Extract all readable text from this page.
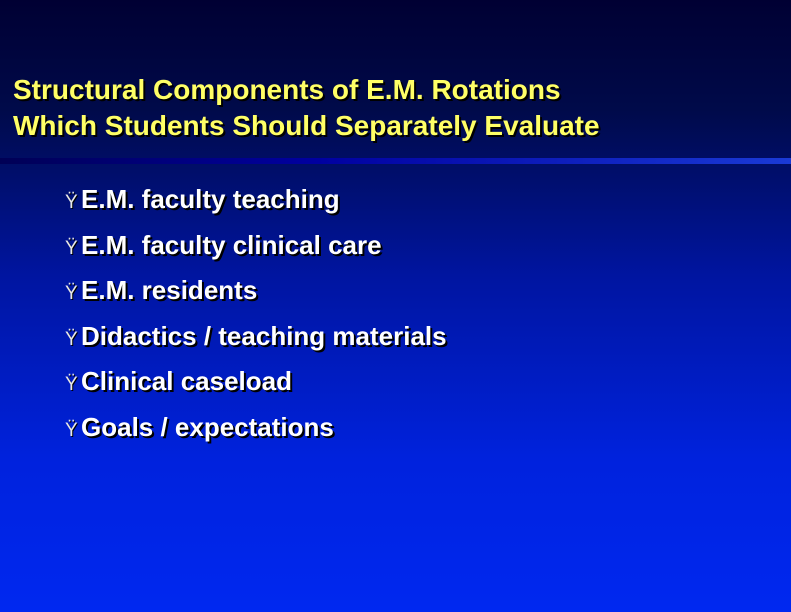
Structural Components of E.M. Rotations
Which Students Should Separately Evaluate
Ÿ E.M. faculty teaching
Ÿ E.M. faculty clinical care
Ÿ E.M. residents
Ÿ Didactics / teaching materials
Ÿ Clinical caseload
Ÿ Goals / expectations
